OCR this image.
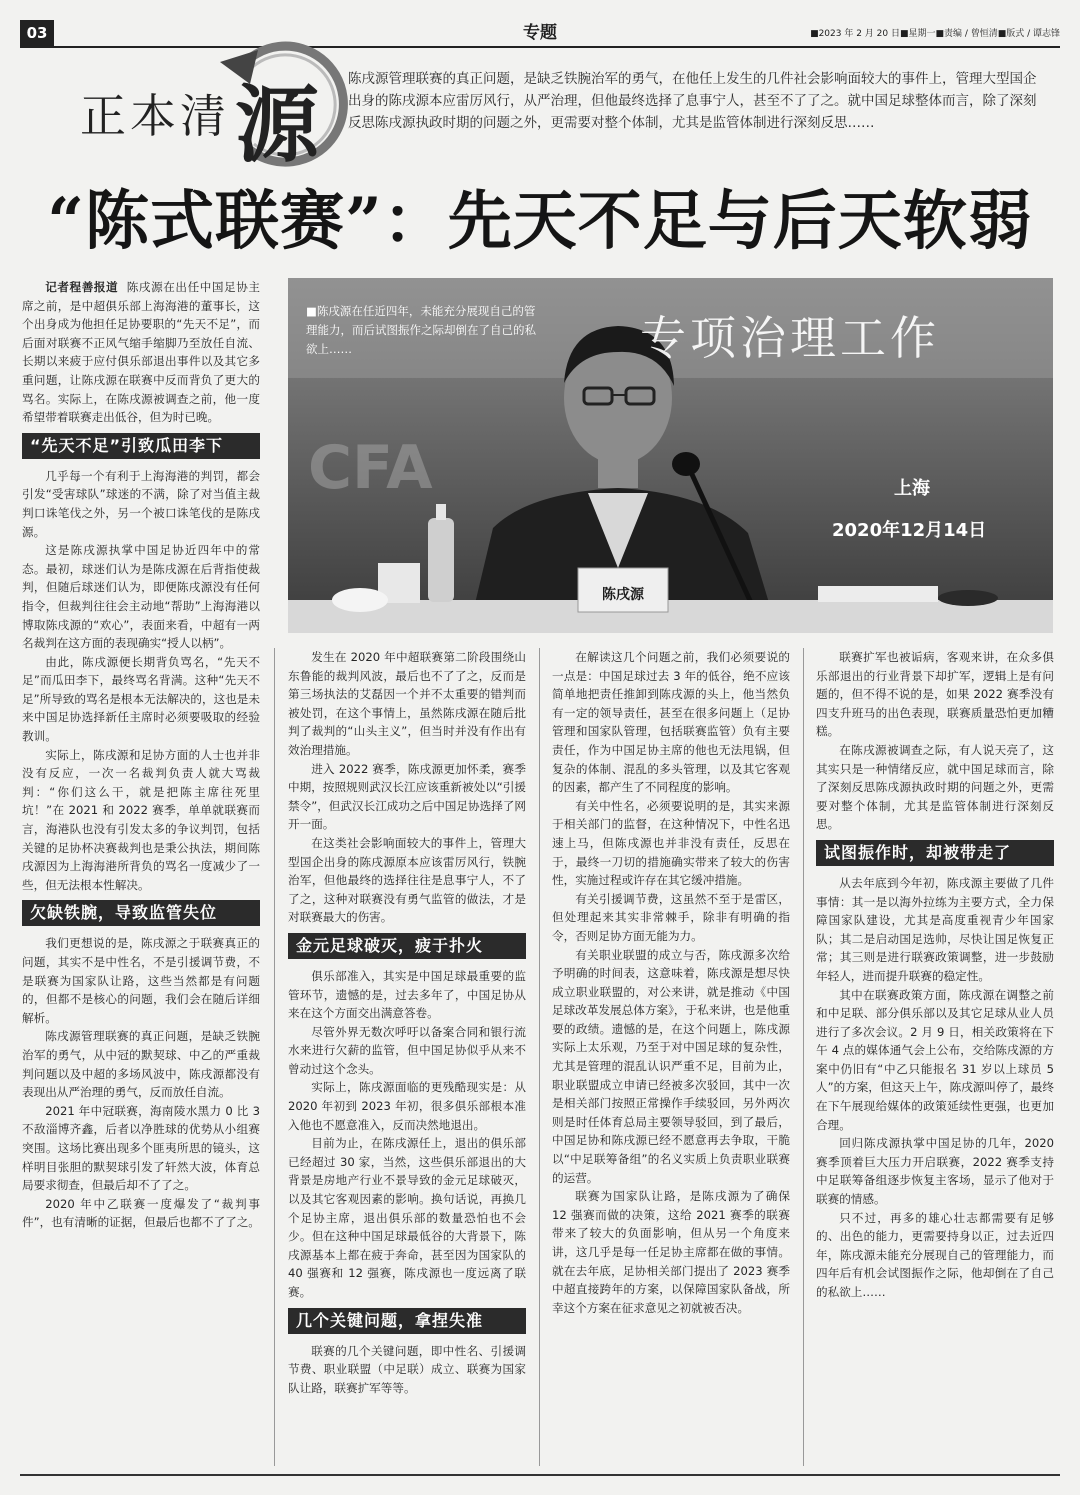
03	专题	■2023 年 2 月 20 日■星期一■责编 / 曾恒清■版式 / 谭志锋
正本清 源 陈戌源管理联赛的真正问题，是缺乏铁腕治军的勇气，在他任上发生的几件社会影响面较大的事件上，管理大型国企出身的陈戌源本应雷厉风行，从严治理，但他最终选择了息事宁人，甚至不了了之。就中国足球整体而言，除了深刻反思陈戌源执政时期的问题之外，更需要对整个体制，尤其是监管体制进行深刻反思……
“陈式联赛”：先天不足与后天软弱
CFA
专项治理工作
上海
2020年12月14日
陈戌源
■陈戌源在任近四年，未能充分展现自己的管理能力，而后试图振作之际却倒在了自己的私欲上……

记者程善报道 陈戌源在出任中国足协主席之前，是中超俱乐部上海海港的董事长，这个出身成为他担任足协要职的“先天不足”，而后面对联赛不正风气缩手缩脚乃至放任自流、长期以来疲于应付俱乐部退出事件以及其它多重问题，让陈戌源在联赛中反而背负了更大的骂名。实际上，在陈戌源被调查之前，他一度希望带着联赛走出低谷，但为时已晚。

“先天不足”引致瓜田李下

几乎每一个有利于上海海港的判罚，都会引发“受害球队”球迷的不满，除了对当值主裁判口诛笔伐之外，另一个被口诛笔伐的是陈戌源。

这是陈戌源执掌中国足协近四年中的常态。最初，球迷们认为是陈戌源在后背指使裁判，但随后球迷们认为，即便陈戌源没有任何指令，但裁判往往会主动地“帮助”上海海港以博取陈戌源的“欢心”，表面来看，中超有一两名裁判在这方面的表现确实“授人以柄”。

由此，陈戌源便长期背负骂名，“先天不足”而瓜田李下，最终骂名背满。这种“先天不足”所导致的骂名是根本无法解决的，这也是未来中国足协选择新任主席时必须要吸取的经验教训。

实际上，陈戌源和足协方面的人士也并非没有反应，一次一名裁判负责人就大骂裁判：“你们这么干，就是把陈主席往死里坑！”在 2021 和 2022 赛季，单单就联赛而言，海港队也没有引发太多的争议判罚，包括关键的足协杯决赛裁判也是秉公执法，期间陈戌源因为上海海港所背负的骂名一度减少了一些，但无法根本性解决。

欠缺铁腕，导致监管失位

我们更想说的是，陈戌源之于联赛真正的问题，其实不是中性名，不是引援调节费，不是联赛为国家队让路，这些当然都是有问题的，但都不是核心的问题，我们会在随后详细解析。

陈戌源管理联赛的真正问题，是缺乏铁腕治军的勇气，从中冠的默契球、中乙的严重裁判问题以及中超的多场风波中，陈戌源都没有表现出从严治理的勇气，反而放任自流。

2021 年中冠联赛，海南陵水黑力 0 比 3 不敌淄博齐鑫，后者以净胜球的优势从小组赛突围。这场比赛出现多个匪夷所思的镜头，这样明目张胆的默契球引发了轩然大波，体育总局要求彻查，但最后却不了了之。

2020 年中乙联赛一度爆发了“裁判事件”，也有清晰的证据，但最后也都不了了之。

发生在 2020 年中超联赛第二阶段围绕山东鲁能的裁判风波，最后也不了了之，反而是第三场执法的艾磊因一个并不太重要的错判而被处罚，在这个事情上，虽然陈戌源在随后批判了裁判的“山头主义”，但当时并没有作出有效治理措施。

进入 2022 赛季，陈戌源更加怀柔，赛季中期，按照规则武汉长江应该重新被处以“引援禁令”，但武汉长江成功之后中国足协选择了网开一面。

在这类社会影响面较大的事件上，管理大型国企出身的陈戌源原本应该雷厉风行，铁腕治军，但他最终的选择往往是息事宁人，不了了之，这种对联赛没有勇气监管的做法，才是对联赛最大的伤害。

金元足球破灭，疲于扑火

俱乐部准入，其实是中国足球最重要的监管环节，遗憾的是，过去多年了，中国足协从来在这个方面交出满意答卷。

尽管外界无数次呼吁以备案合同和银行流水来进行欠薪的监管，但中国足协似乎从来不曾动过这个念头。

实际上，陈戌源面临的更残酷现实是：从 2020 年初到 2023 年初，很多俱乐部根本准入他也不愿意准入，反而决然地退出。

目前为止，在陈戌源任上，退出的俱乐部已经超过 30 家，当然，这些俱乐部退出的大背景是房地产行业不景导致的金元足球破灭，以及其它客观因素的影响。换句话说，再换几个足协主席，退出俱乐部的数量恐怕也不会少。但在这种中国足球最低谷的大背景下，陈戌源基本上都在疲于奔命，甚至因为国家队的 40 强赛和 12 强赛，陈戌源也一度远离了联赛。

几个关键问题，拿捏失准

联赛的几个关键问题，即中性名、引援调节费、职业联盟（中足联）成立、联赛为国家队让路，联赛扩军等等。

在解读这几个问题之前，我们必须要说的一点是：中国足球过去 3 年的低谷，绝不应该简单地把责任推卸到陈戌源的头上，他当然负有一定的领导责任，甚至在很多问题上（足协管理和国家队管理，包括联赛监管）负有主要责任，作为中国足协主席的他也无法甩锅，但复杂的体制、混乱的多头管理，以及其它客观的因素，都产生了不同程度的影响。

有关中性名，必须要说明的是，其实来源于相关部门的监督，在这种情况下，中性名迅速上马，但陈戌源也并非没有责任，反思在于，最终一刀切的措施确实带来了较大的伤害性，实施过程或许存在其它缓冲措施。

有关引援调节费，这虽然不至于是雷区，但处理起来其实非常棘手，除非有明确的指令，否则足协方面无能为力。

有关职业联盟的成立与否，陈戌源多次给予明确的时间表，这意味着，陈戌源是想尽快成立职业联盟的，对公来讲，就是推动《中国足球改革发展总体方案》，于私来讲，也是他重要的政绩。遗憾的是，在这个问题上，陈戌源实际上太乐观，乃至于对中国足球的复杂性，尤其是管理的混乱认识严重不足，目前为止，职业联盟成立申请已经被多次驳回，其中一次是相关部门按照正常操作手续驳回，另外两次则是时任体育总局主要领导驳回，到了最后，中国足协和陈戌源已经不愿意再去争取，干脆以“中足联筹备组”的名义实质上负责职业联赛的运营。

联赛为国家队让路，是陈戌源为了确保 12 强赛而做的决策，这给 2021 赛季的联赛带来了较大的负面影响，但从另一个角度来讲，这几乎是每一任足协主席都在做的事情。就在去年底，足协相关部门提出了 2023 赛季中超直接跨年的方案，以保障国家队备战，所幸这个方案在征求意见之初就被否决。

联赛扩军也被诟病，客观来讲，在众多俱乐部退出的行业背景下却扩军，逻辑上是有问题的，但不得不说的是，如果 2022 赛季没有四支升班马的出色表现，联赛质量恐怕更加糟糕。

在陈戌源被调查之际，有人说天亮了，这其实只是一种情绪反应，就中国足球而言，除了深刻反思陈戌源执政时期的问题之外，更需要对整个体制，尤其是监管体制进行深刻反思。

试图振作时，却被带走了

从去年底到今年初，陈戌源主要做了几件事情：其一是以海外拉练为主要方式，全力保障国家队建设，尤其是高度重视青少年国家队；其二是启动国足选帅，尽快让国足恢复正常；其三则是进行联赛政策调整，进一步鼓励年轻人，进而提升联赛的稳定性。

其中在联赛政策方面，陈戌源在调整之前和中足联、部分俱乐部以及其它足球从业人员进行了多次会议。2 月 9 日，相关政策将在下午 4 点的媒体通气会上公布，交给陈戌源的方案中仍旧有“中乙只能报名 31 岁以上球员 5 人”的方案，但这天上午，陈戌源叫停了，最终在下午展现给媒体的政策延续性更强，也更加合理。

回归陈戌源执掌中国足协的几年，2020 赛季顶着巨大压力开启联赛，2022 赛季支持中足联筹备组逐步恢复主客场，显示了他对于联赛的情感。

只不过，再多的雄心壮志都需要有足够的、出色的能力，更需要持身以正，过去近四年，陈戌源未能充分展现自己的管理能力，而四年后有机会试图振作之际，他却倒在了自己的私欲上……
